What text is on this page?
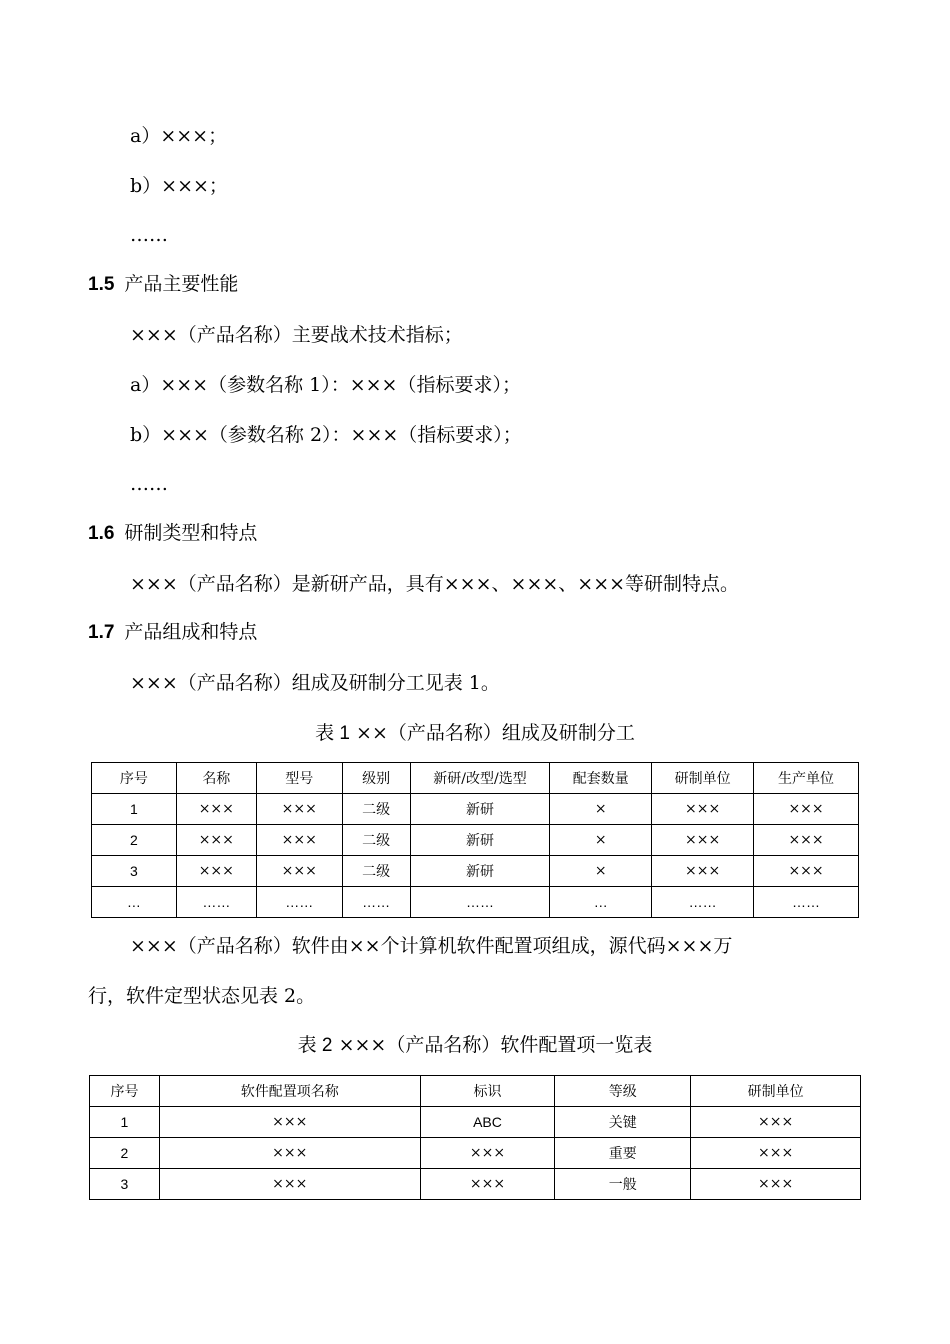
a）×××；
b）×××；
……
1.5 产品主要性能
×××（产品名称）主要战术技术指标；
a）×××（参数名称 1）：×××（指标要求）；
b）×××（参数名称 2）：×××（指标要求）；
……
1.6 研制类型和特点
×××（产品名称）是新研产品，具有×××、×××、×××等研制特点。
1.7 产品组成和特点
×××（产品名称）组成及研制分工见表 1。
表 1 ××（产品名称）组成及研制分工
序号	名称	型号	级别	新研/改型/选型	配套数量	研制单位	生产单位
1	×××	×××	二级	新研	×	×××	×××
2	×××	×××	二级	新研	×	×××	×××
3	×××	×××	二级	新研	×	×××	×××
…	……	……	……	……	…	……	……
×××（产品名称）软件由××个计算机软件配置项组成，源代码×××万
行，软件定型状态见表 2。
表 2 ×××（产品名称）软件配置项一览表
序号	软件配置项名称	标识	等级	研制单位
1	×××	ABC	关键	×××
2	×××	×××	重要	×××
3	×××	×××	一般	×××
